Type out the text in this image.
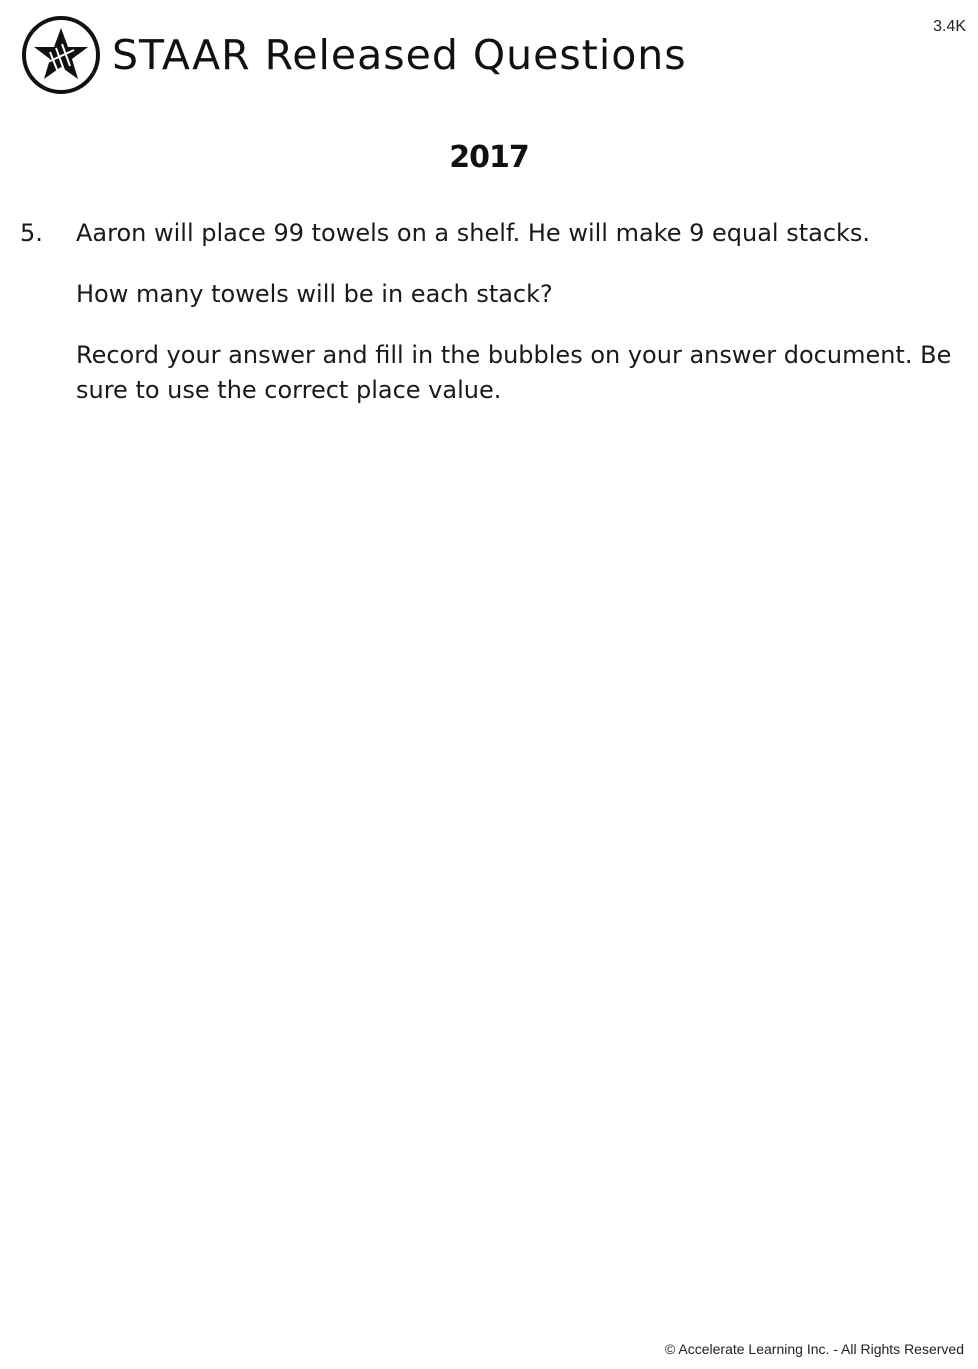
STAAR Released Questions
3.4K
2017
5. Aaron will place 99 towels on a shelf. He will make 9 equal stacks.

How many towels will be in each stack?

Record your answer and fill in the bubbles on your answer document. Be sure to use the correct place value.

© Accelerate Learning Inc. - All Rights Reserved
